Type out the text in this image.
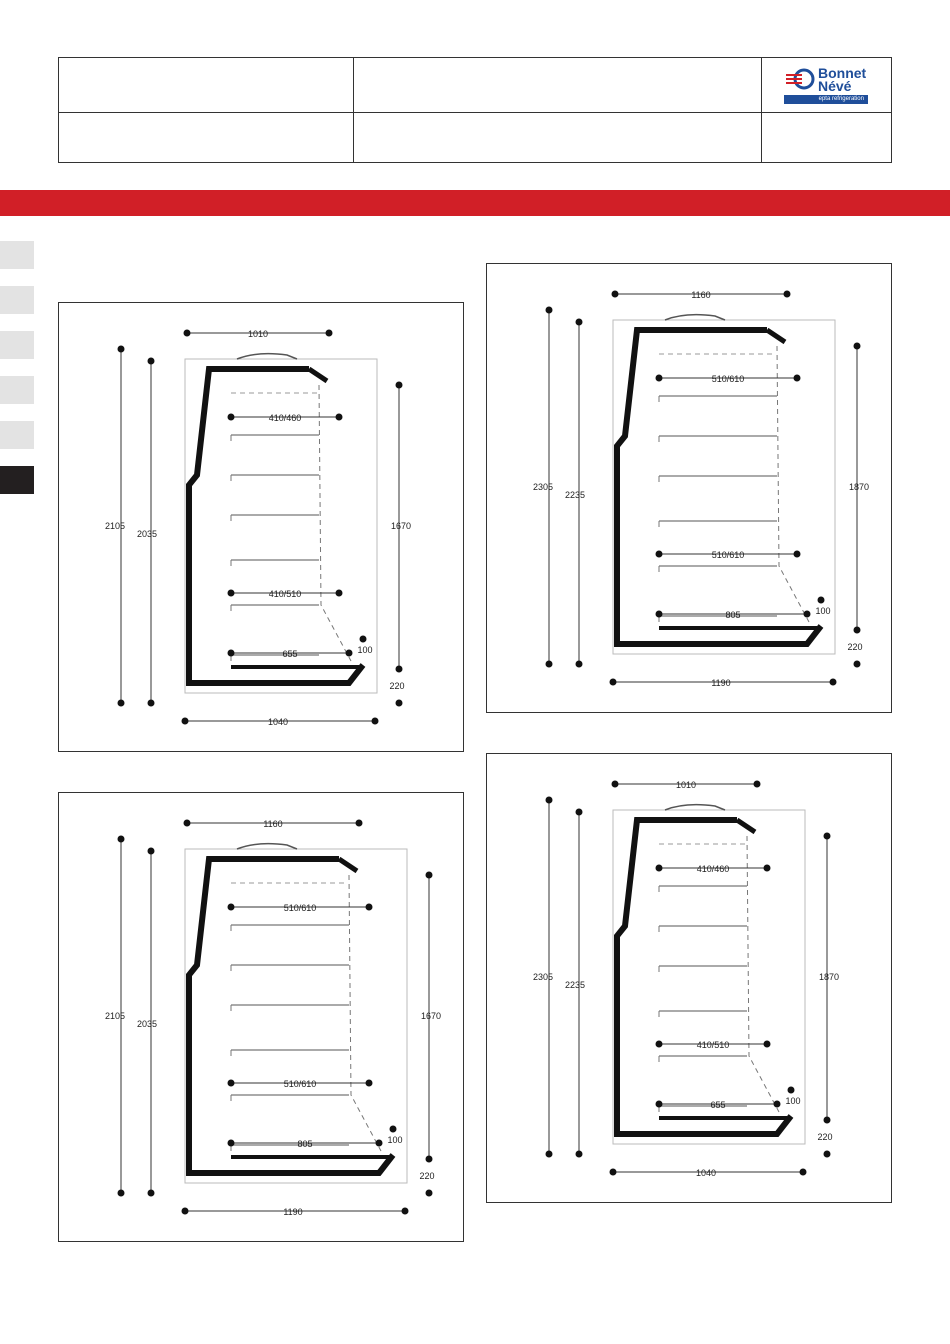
Bonnet
Névé
epta refrigeration
1010
1040
2105
2035
1670
220
100
410/460
410/510
655
1160
1190
2305
2235
1870
220
100
510/610
510/610
805
1160
1190
2105
2035
1670
220
100
510/610
510/610
805
1010
1040
2305
2235
1870
220
100
410/460
410/510
655
